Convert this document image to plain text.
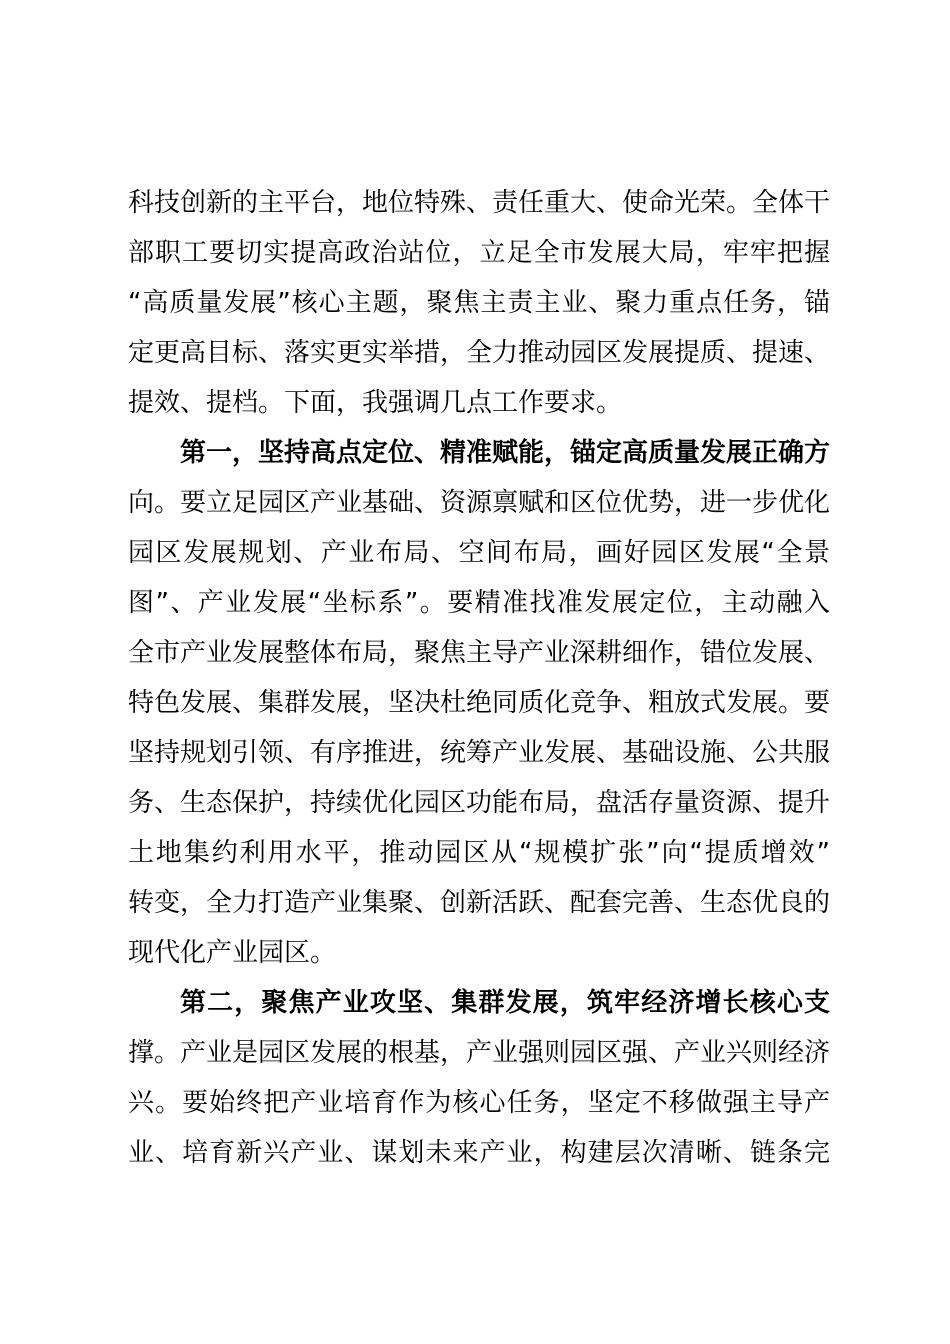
科技创新的主平台，地位特殊、责任重大、使命光荣。全体干
部职工要切实提高政治站位，立足全市发展大局，牢牢把握
“高质量发展”核心主题，聚焦主责主业、聚力重点任务，锚
定更高目标、落实更实举措，全力推动园区发展提质、提速、
提效、提档。下面，我强调几点工作要求。
第一，坚持高点定位、精准赋能，锚定高质量发展正确方
向。要立足园区产业基础、资源禀赋和区位优势，进一步优化
园区发展规划、产业布局、空间布局，画好园区发展“全景
图”、产业发展“坐标系”。要精准找准发展定位，主动融入
全市产业发展整体布局，聚焦主导产业深耕细作，错位发展、
特色发展、集群发展，坚决杜绝同质化竞争、粗放式发展。要
坚持规划引领、有序推进，统筹产业发展、基础设施、公共服
务、生态保护，持续优化园区功能布局，盘活存量资源、提升
土地集约利用水平，推动园区从“规模扩张”向“提质增效”
转变，全力打造产业集聚、创新活跃、配套完善、生态优良的
现代化产业园区。
第二，聚焦产业攻坚、集群发展，筑牢经济增长核心支
撑。产业是园区发展的根基，产业强则园区强、产业兴则经济
兴。要始终把产业培育作为核心任务，坚定不移做强主导产
业、培育新兴产业、谋划未来产业，构建层次清晰、链条完
